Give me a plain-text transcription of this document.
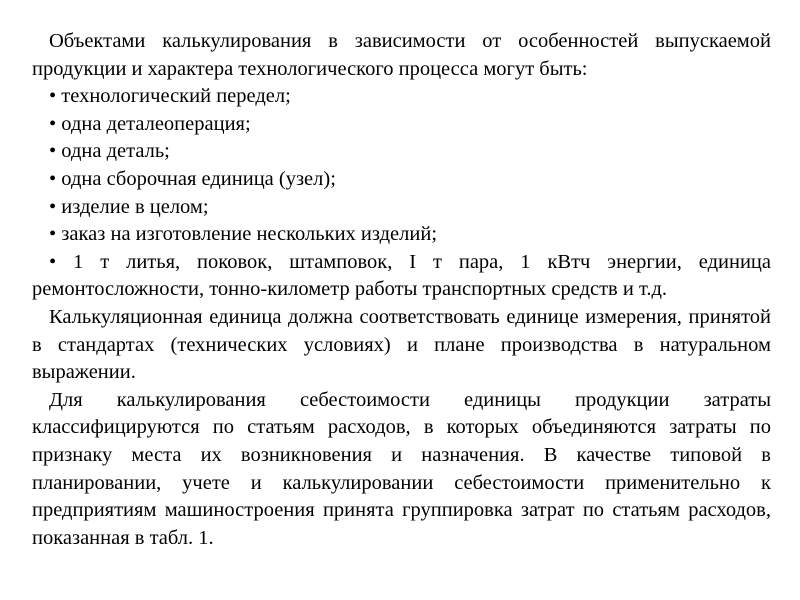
Объектами калькулирования в зависимости от особенностей выпускаемой продукции и характера технологического процесса могут быть:

• технологический передел;

• одна деталеоперация;

• одна деталь;

• одна сборочная единица (узел);

• изделие в целом;

• заказ на изготовление нескольких изделий;

• 1 т литья, поковок, штамповок, I т пара, 1 кВтч энергии, единица ремонтосложности, тонно-километр работы транспортных средств и т.д.

Калькуляционная единица должна соответствовать единице измерения, принятой в стандартах (технических условиях) и плане производства в натуральном выражении.

Для калькулирования себестоимости единицы продукции затраты классифицируются по статьям расходов, в которых объединяются затраты по признаку места их возникновения и назначения. В качестве типовой в планировании, учете и калькулировании себестоимости применительно к предприятиям машиностроения принята группировка затрат по статьям расходов, показанная в табл. 1.
